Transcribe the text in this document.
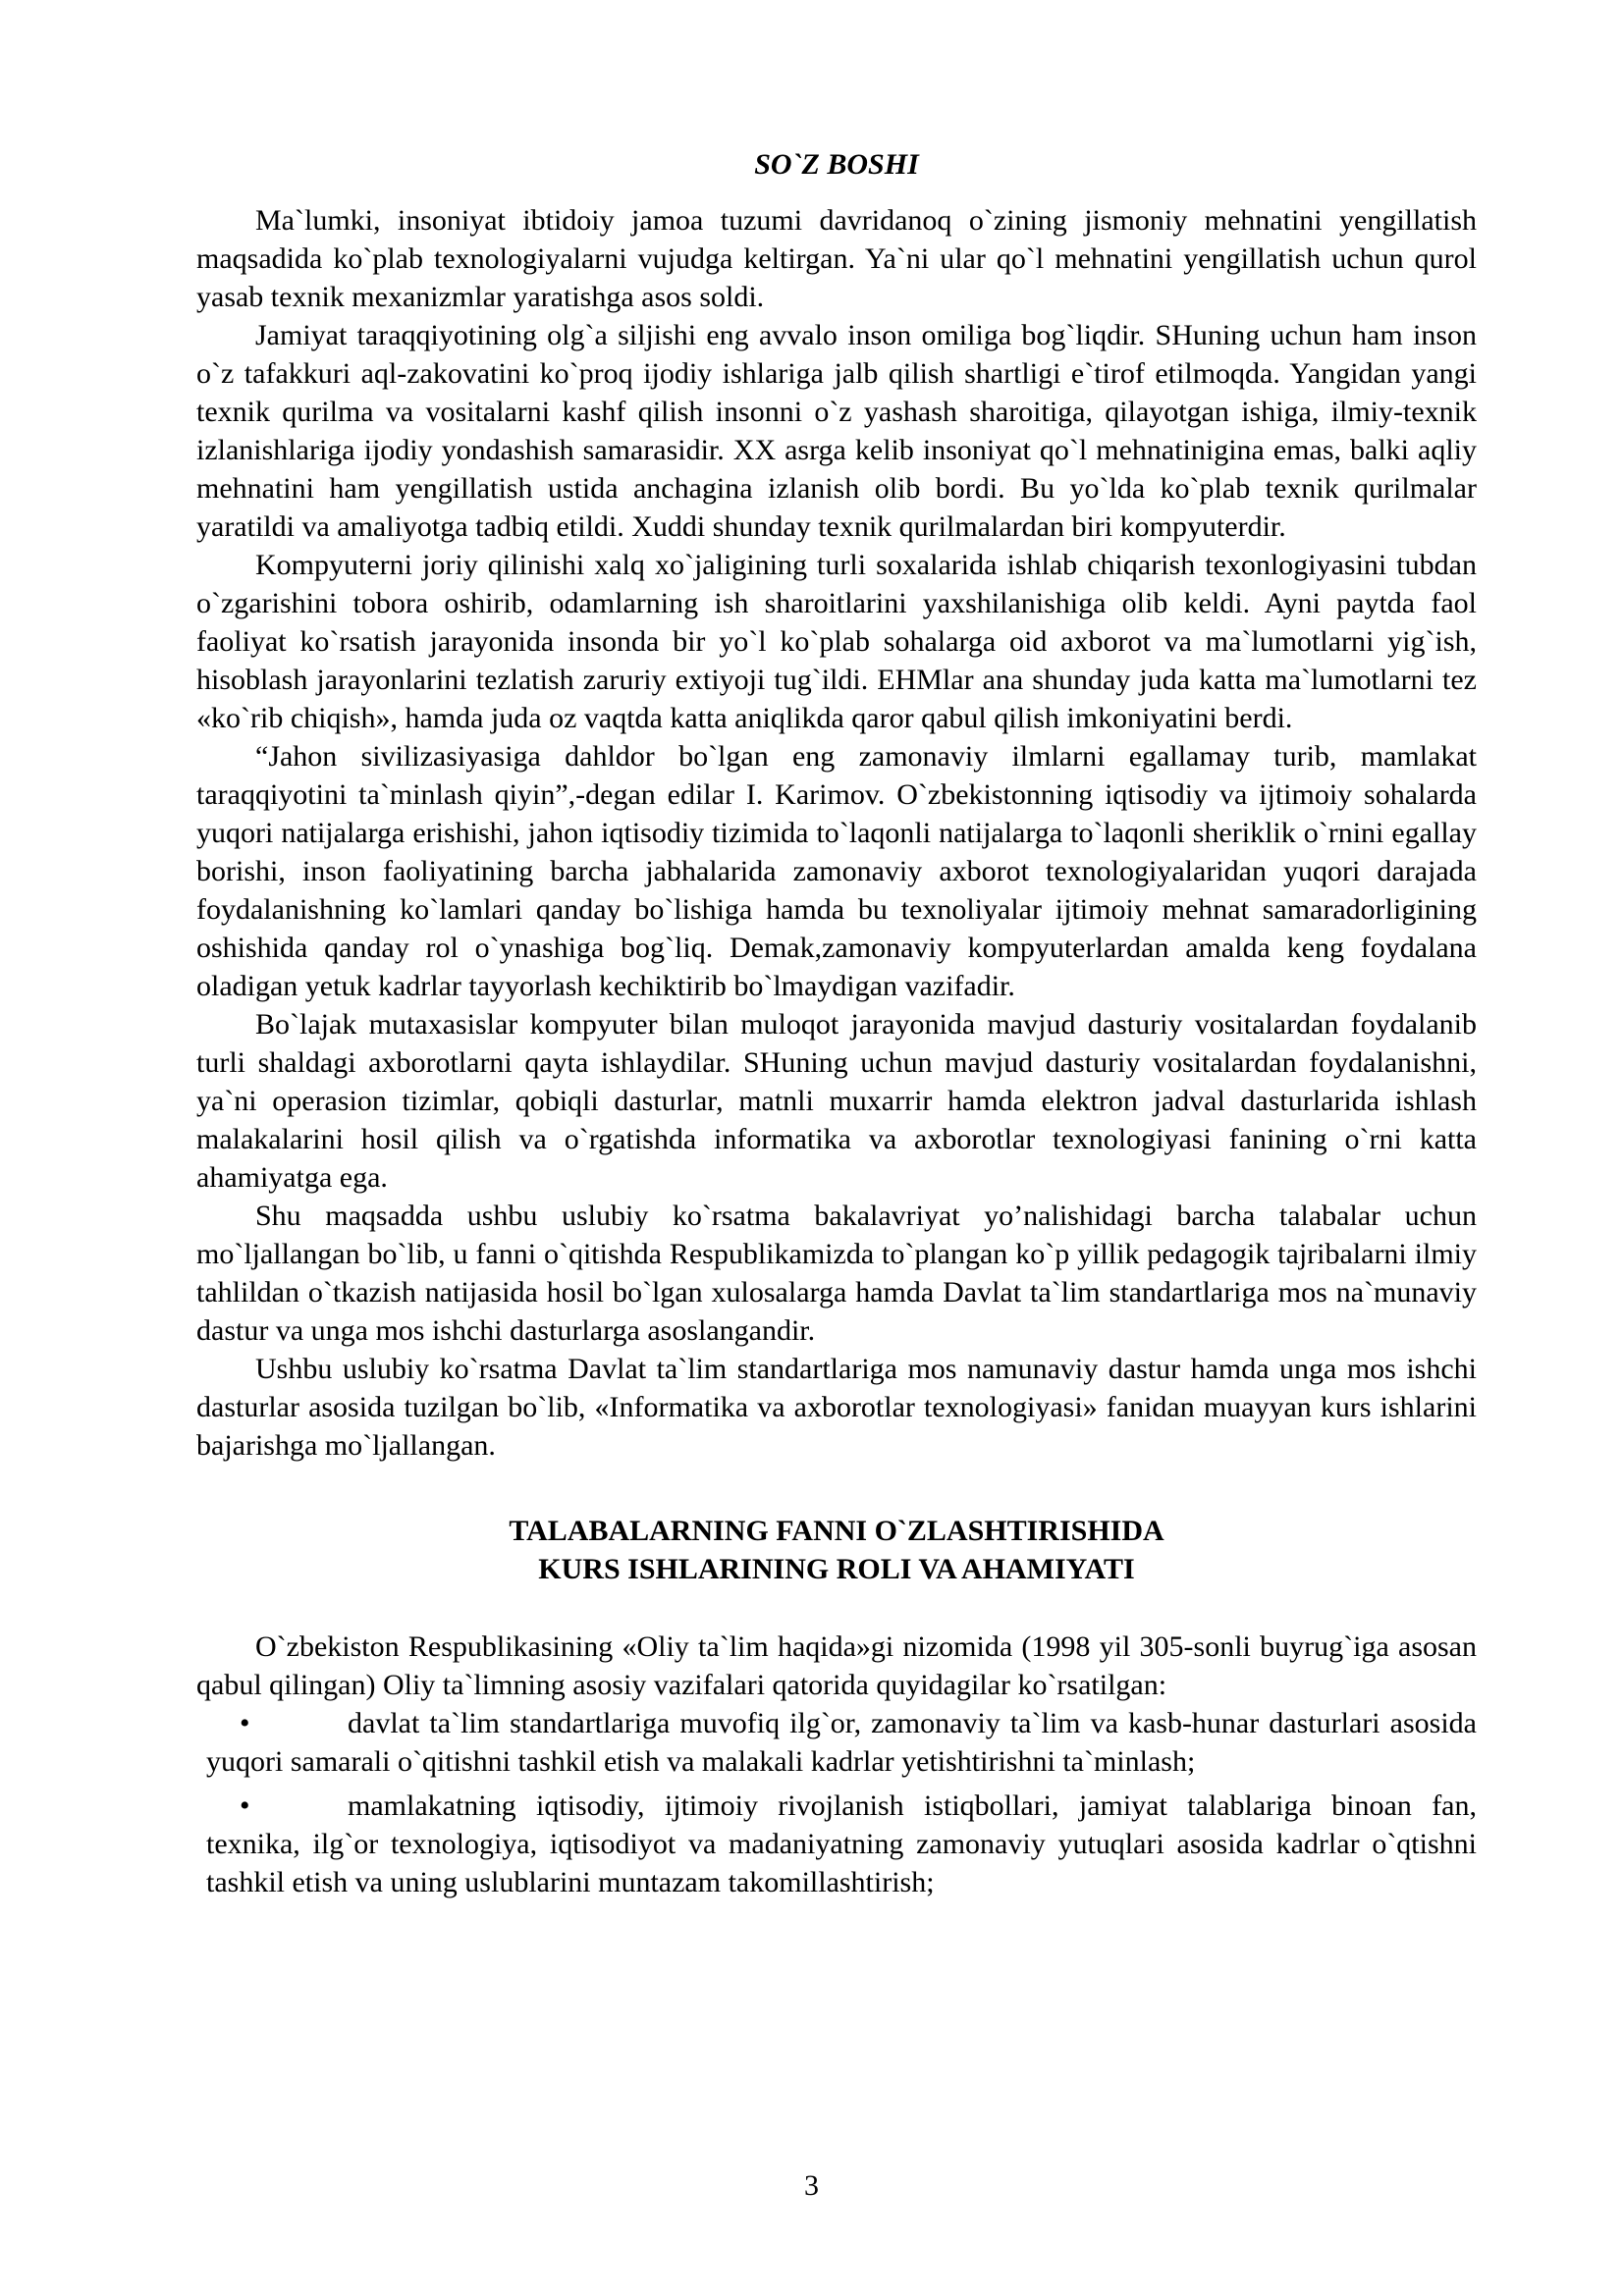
SO`Z BOSHI

Ma`lumki, insoniyat ibtidoiy jamoa tuzumi davridanoq o`zining jismoniy mehnatini yengillatish maqsadida ko`plab texnologiyalarni vujudga keltirgan. Ya`ni ular qo`l mehnatini yengillatish uchun qurol yasab texnik mexanizmlar yaratishga asos soldi.

Jamiyat taraqqiyotining olg`a siljishi eng avvalo inson omiliga bog`liqdir. SHuning uchun ham inson o`z tafakkuri aql-zakovatini ko`proq ijodiy ishlariga jalb qilish shartligi e`tirof etilmoqda. Yangidan yangi texnik qurilma va vositalarni kashf qilish insonni o`z yashash sharoitiga, qilayotgan ishiga, ilmiy-texnik izlanishlariga ijodiy yondashish samarasidir. XX asrga kelib insoniyat qo`l mehnatinigina emas, balki aqliy mehnatini ham yengillatish ustida anchagina izlanish olib bordi. Bu yo`lda ko`plab texnik qurilmalar yaratildi va amaliyotga tadbiq etildi. Xuddi shunday texnik qurilmalardan biri kompyuterdir.

Kompyuterni joriy qilinishi xalq xo`jaligining turli soxalarida ishlab chiqarish texonlogiyasini tubdan o`zgarishini tobora oshirib, odamlarning ish sharoitlarini yaxshilanishiga olib keldi. Ayni paytda faol faoliyat ko`rsatish jarayonida insonda bir yo`l ko`plab sohalarga oid axborot va ma`lumotlarni yig`ish, hisoblash jarayonlarini tezlatish zaruriy extiyoji tug`ildi. EHMlar ana shunday juda katta ma`lumotlarni tez «ko`rib chiqish», hamda juda oz vaqtda katta aniqlikda qaror qabul qilish imkoniyatini berdi.

“Jahon sivilizasiyasiga dahldor bo`lgan eng zamonaviy ilmlarni egallamay turib, mamlakat taraqqiyotini ta`minlash qiyin”,-degan edilar I. Karimov. O`zbekistonning iqtisodiy va ijtimoiy sohalarda yuqori natijalarga erishishi, jahon iqtisodiy tizimida to`laqonli natijalarga to`laqonli sheriklik o`rnini egallay borishi, inson faoliyatining barcha jabhalarida zamonaviy axborot texnologiyalaridan yuqori darajada foydalanishning ko`lamlari qanday bo`lishiga hamda bu texnoliyalar ijtimoiy mehnat samaradorligining oshishida qanday rol o`ynashiga bog`liq. Demak,zamonaviy kompyuterlardan amalda keng foydalana oladigan yetuk kadrlar tayyorlash kechiktirib bo`lmaydigan vazifadir.

Bo`lajak mutaxasislar kompyuter bilan muloqot jarayonida mavjud dasturiy vositalardan foydalanib turli shaldagi axborotlarni qayta ishlaydilar. SHuning uchun mavjud dasturiy vositalardan foydalanishni, ya`ni operasion tizimlar, qobiqli dasturlar, matnli muxarrir hamda elektron jadval dasturlarida ishlash malakalarini hosil qilish va o`rgatishda informatika va axborotlar texnologiyasi fanining o`rni katta ahamiyatga ega.

Shu maqsadda ushbu uslubiy ko`rsatma bakalavriyat yo’nalishidagi barcha talabalar uchun mo`ljallangan bo`lib, u fanni o`qitishda Respublikamizda to`plangan ko`p yillik pedagogik tajribalarni ilmiy tahlildan o`tkazish natijasida hosil bo`lgan xulosalarga hamda Davlat ta`lim standartlariga mos na`munaviy dastur va unga mos ishchi dasturlarga asoslangandir.

Ushbu uslubiy ko`rsatma Davlat ta`lim standartlariga mos namunaviy dastur hamda unga mos ishchi dasturlar asosida tuzilgan bo`lib, «Informatika va axborotlar texnologiyasi» fanidan muayyan kurs ishlarini bajarishga mo`ljallangan.

TALABALARNING FANNI O`ZLASHTIRISHIDA
KURS ISHLARINING ROLI VA AHAMIYATI

O`zbekiston Respublikasining «Oliy ta`lim haqida»gi nizomida (1998 yil 305-sonli buyrug`iga asosan qabul qilingan) Oliy ta`limning asosiy vazifalari qatorida quyidagilar ko`rsatilgan:

•	davlat ta`lim standartlariga muvofiq ilg`or, zamonaviy ta`lim va kasb-hunar dasturlari asosida yuqori samarali o`qitishni tashkil etish va malakali kadrlar yetishtirishni ta`minlash;
•	mamlakatning iqtisodiy, ijtimoiy rivojlanish istiqbollari, jamiyat talablariga binoan fan, texnika, ilg`or texnologiya, iqtisodiyot va madaniyatning zamonaviy yutuqlari asosida kadrlar o`qtishni tashkil etish va uning uslublarini muntazam takomillashtirish;
3
